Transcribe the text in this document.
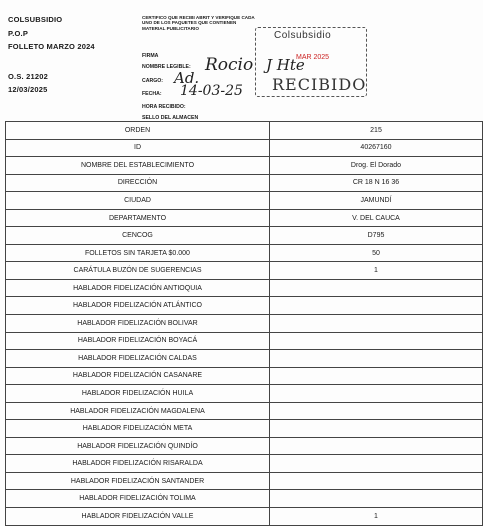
COLSUBSIDIO
P.O.P
FOLLETO MARZO 2024
O.S. 21202
12/03/2025
CERTIFICO QUE RECIBI ABRIT Y VERIFIQUE CADA UNO DE LOS PAQUETES QUE CONTIENEN MATERIAL PUBLICITARIO
FIRMA
NOMBRE LEGIBLE:
CARGO:
FECHA:
HORA RECIBIDO:
SELLO DEL ALMACEN
Rocio J Hte
Ad.
14-03-25
Colsubsidio
MAR 2025
RECIBIDO
ORDEN	215
ID	40267160
NOMBRE DEL ESTABLECIMIENTO	Drog. El Dorado
DIRECCIÓN	CR 18 N 16 36
CIUDAD	JAMUNDÍ
DEPARTAMENTO	V. DEL CAUCA
CENCOG	D795
FOLLETOS SIN TARJETA $0.000	50
CARÁTULA BUZÓN DE SUGERENCIAS	1
HABLADOR FIDELIZACIÓN ANTIOQUIA	
HABLADOR FIDELIZACIÓN ATLÁNTICO	
HABLADOR FIDELIZACIÓN BOLIVAR	
HABLADOR FIDELIZACIÓN BOYACÁ	
HABLADOR FIDELIZACIÓN CALDAS	
HABLADOR FIDELIZACIÓN CASANARE	
HABLADOR FIDELIZACIÓN HUILA	
HABLADOR FIDELIZACIÓN MAGDALENA	
HABLADOR FIDELIZACIÓN META	
HABLADOR FIDELIZACIÓN QUINDÍO	
HABLADOR FIDELIZACIÓN RISARALDA	
HABLADOR FIDELIZACIÓN SANTANDER	
HABLADOR FIDELIZACIÓN TOLIMA	
HABLADOR FIDELIZACIÓN VALLE	1
